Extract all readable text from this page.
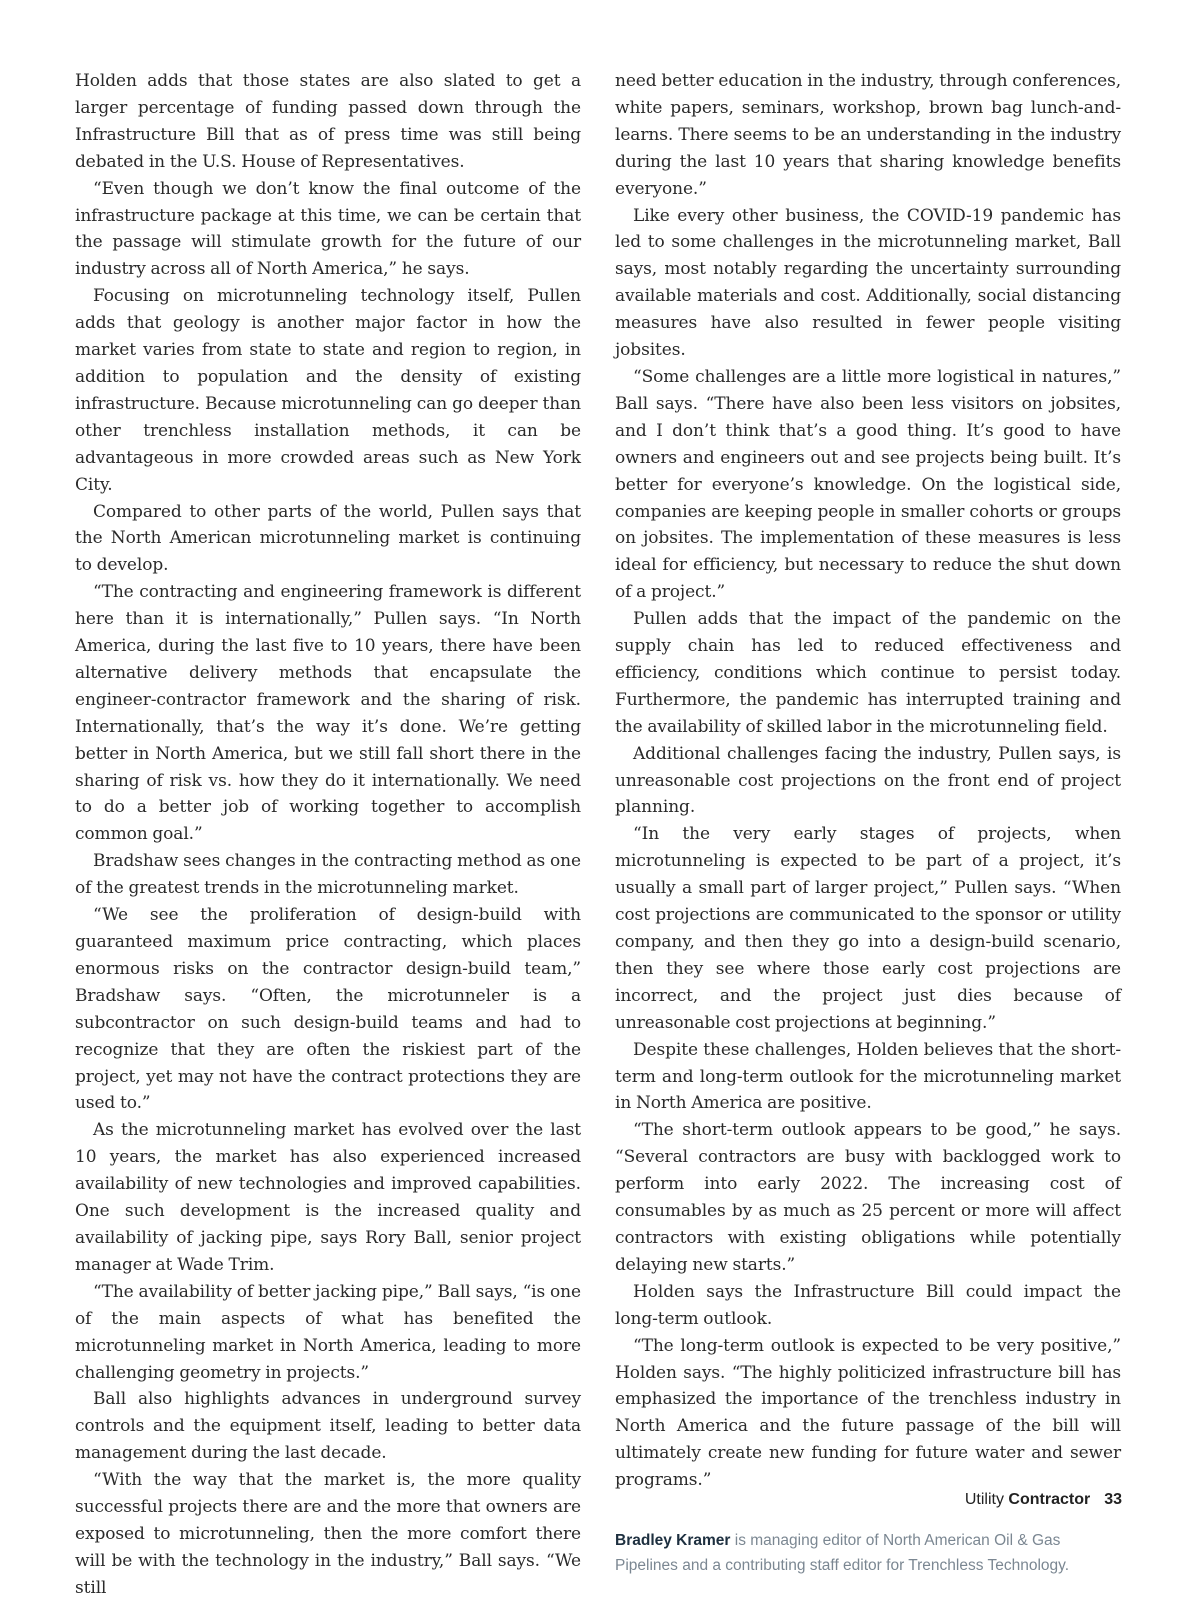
Holden adds that those states are also slated to get a larger percentage of funding passed down through the Infrastructure Bill that as of press time was still being debated in the U.S. House of Representatives.

“Even though we don’t know the final outcome of the infrastructure package at this time, we can be certain that the passage will stimulate growth for the future of our industry across all of North America,” he says.

Focusing on microtunneling technology itself, Pullen adds that geology is another major factor in how the market varies from state to state and region to region, in addition to population and the density of existing infrastructure. Because microtunneling can go deeper than other trenchless installation methods, it can be advantageous in more crowded areas such as New York City.

Compared to other parts of the world, Pullen says that the North American microtunneling market is continuing to develop.

“The contracting and engineering framework is different here than it is internationally,” Pullen says. “In North America, during the last five to 10 years, there have been alternative delivery methods that encapsulate the engineer-contractor framework and the sharing of risk. Internationally, that’s the way it’s done. We’re getting better in North America, but we still fall short there in the sharing of risk vs. how they do it internationally. We need to do a better job of working together to accomplish common goal.”

Bradshaw sees changes in the contracting method as one of the greatest trends in the microtunneling market.

“We see the proliferation of design-build with guaranteed maximum price contracting, which places enormous risks on the contractor design-build team,” Bradshaw says. “Often, the microtunneler is a subcontractor on such design-build teams and had to recognize that they are often the riskiest part of the project, yet may not have the contract protections they are used to.”

As the microtunneling market has evolved over the last 10 years, the market has also experienced increased availability of new technologies and improved capabilities. One such development is the increased quality and availability of jacking pipe, says Rory Ball, senior project manager at Wade Trim.

“The availability of better jacking pipe,” Ball says, “is one of the main aspects of what has benefited the microtunneling market in North America, leading to more challenging geometry in projects.”

Ball also highlights advances in underground survey controls and the equipment itself, leading to better data management during the last decade.

“With the way that the market is, the more quality successful projects there are and the more that owners are exposed to microtunneling, then the more comfort there will be with the technology in the industry,” Ball says. “We still

need better education in the industry, through conferences, white papers, seminars, workshop, brown bag lunch-and-learns. There seems to be an understanding in the industry during the last 10 years that sharing knowledge benefits everyone.”

Like every other business, the COVID-19 pandemic has led to some challenges in the microtunneling market, Ball says, most notably regarding the uncertainty surrounding available materials and cost. Additionally, social distancing measures have also resulted in fewer people visiting jobsites.

“Some challenges are a little more logistical in natures,” Ball says. “There have also been less visitors on jobsites, and I don’t think that’s a good thing. It’s good to have owners and engineers out and see projects being built. It’s better for everyone’s knowledge. On the logistical side, companies are keeping people in smaller cohorts or groups on jobsites. The implementation of these measures is less ideal for efficiency, but necessary to reduce the shut down of a project.”

Pullen adds that the impact of the pandemic on the supply chain has led to reduced effectiveness and efficiency, conditions which continue to persist today. Furthermore, the pandemic has interrupted training and the availability of skilled labor in the microtunneling field.

Additional challenges facing the industry, Pullen says, is unreasonable cost projections on the front end of project planning.

“In the very early stages of projects, when microtunneling is expected to be part of a project, it’s usually a small part of larger project,” Pullen says. “When cost projections are communicated to the sponsor or utility company, and then they go into a design-build scenario, then they see where those early cost projections are incorrect, and the project just dies because of unreasonable cost projections at beginning.”

Despite these challenges, Holden believes that the short-term and long-term outlook for the microtunneling market in North America are positive.

“The short-term outlook appears to be good,” he says. “Several contractors are busy with backlogged work to perform into early 2022. The increasing cost of consumables by as much as 25 percent or more will affect contractors with existing obligations while potentially delaying new starts.”

Holden says the Infrastructure Bill could impact the long-term outlook.

“The long-term outlook is expected to be very positive,” Holden says. “The highly politicized infrastructure bill has emphasized the importance of the trenchless industry in North America and the future passage of the bill will ultimately create new funding for future water and sewer programs.”

Bradley Kramer is managing editor of North American Oil & Gas Pipelines and a contributing staff editor for Trenchless Technology.

Utility Contractor 33
